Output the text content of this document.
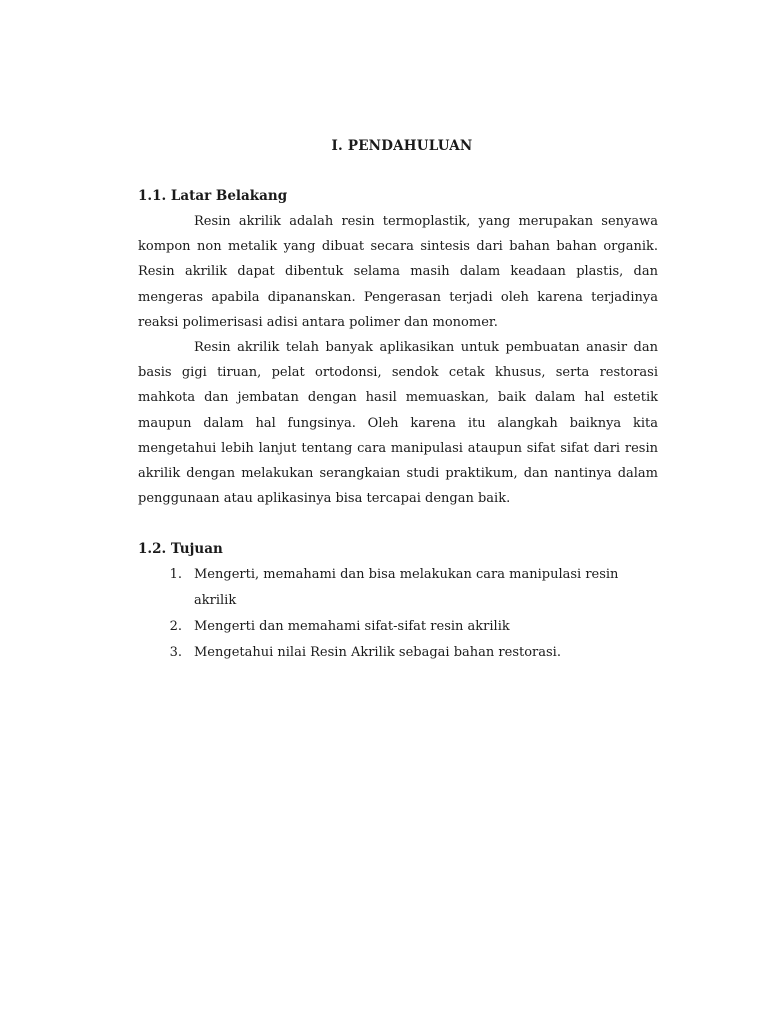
I. PENDAHULUAN
1.1. Latar Belakang

Resin akrilik adalah resin termoplastik, yang merupakan senyawa kompon non metalik yang dibuat secara sintesis dari bahan bahan organik. Resin akrilik dapat dibentuk selama masih dalam keadaan plastis, dan mengeras apabila dipananskan. Pengerasan terjadi oleh karena terjadinya reaksi polimerisasi adisi antara polimer dan monomer.

Resin akrilik telah banyak aplikasikan untuk pembuatan anasir dan basis gigi tiruan, pelat ortodonsi, sendok cetak khusus, serta restorasi mahkota dan jembatan dengan hasil memuaskan, baik dalam hal estetik maupun dalam hal fungsinya. Oleh karena itu alangkah baiknya kita mengetahui lebih lanjut tentang cara manipulasi ataupun sifat sifat dari resin akrilik dengan melakukan serangkaian studi praktikum, dan nantinya dalam penggunaan atau aplikasinya bisa tercapai dengan baik.

1.2. Tujuan
1. Mengerti, memahami dan bisa melakukan cara manipulasi resin akrilik
2. Mengerti dan memahami sifat-sifat resin akrilik
3. Mengetahui nilai Resin Akrilik sebagai bahan restorasi.
